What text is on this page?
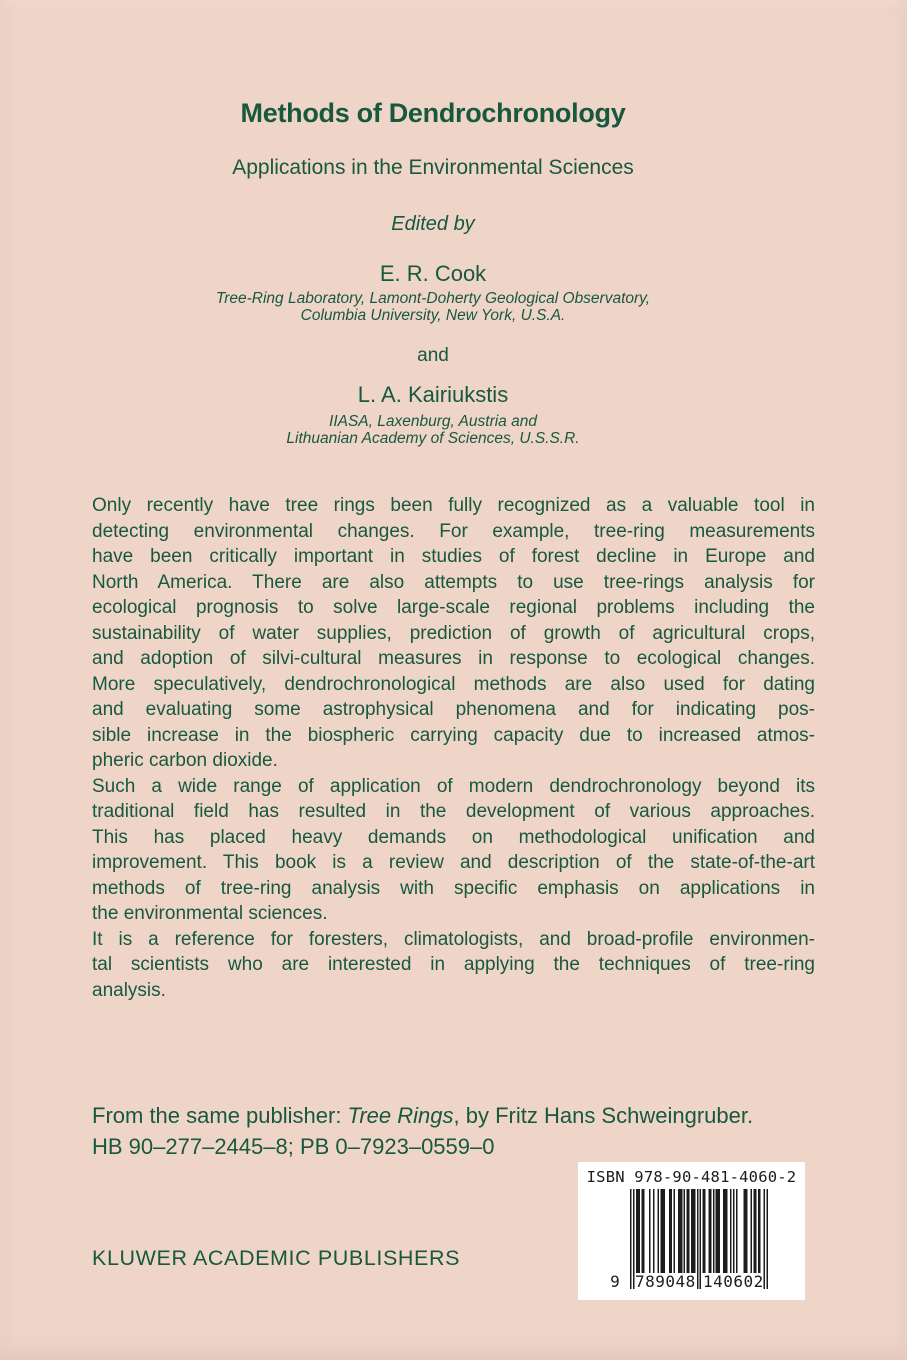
Methods of Dendrochronology
Applications in the Environmental Sciences
Edited by
E. R. Cook
Tree-Ring Laboratory, Lamont-Doherty Geological Observatory,
Columbia University, New York, U.S.A.
and
L. A. Kairiukstis
IIASA, Laxenburg, Austria and
Lithuanian Academy of Sciences, U.S.S.R.
Only recently have tree rings been fully recognized as a valuable tool in
detecting environmental changes. For example, tree-ring measurements
have been critically important in studies of forest decline in Europe and
North America. There are also attempts to use tree-rings analysis for
ecological prognosis to solve large-scale regional problems including the
sustainability of water supplies, prediction of growth of agricultural crops,
and adoption of silvi-cultural measures in response to ecological changes.
More speculatively, dendrochronological methods are also used for dating
and evaluating some astrophysical phenomena and for indicating pos-
sible increase in the biospheric carrying capacity due to increased atmos-
pheric carbon dioxide.
Such a wide range of application of modern dendrochronology beyond its
traditional field has resulted in the development of various approaches.
This has placed heavy demands on methodological unification and
improvement. This book is a review and description of the state-of-the-art
methods of tree-ring analysis with specific emphasis on applications in
the environmental sciences.
It is a reference for foresters, climatologists, and broad-profile environmen-
tal scientists who are interested in applying the techniques of tree-ring
analysis.
From the same publisher: Tree Rings, by Fritz Hans Schweingruber.
HB 90–277–2445–8; PB 0–7923–0559–0
ISBN 978-90-481-4060-2
9 789048 140602
KLUWER ACADEMIC PUBLISHERS
